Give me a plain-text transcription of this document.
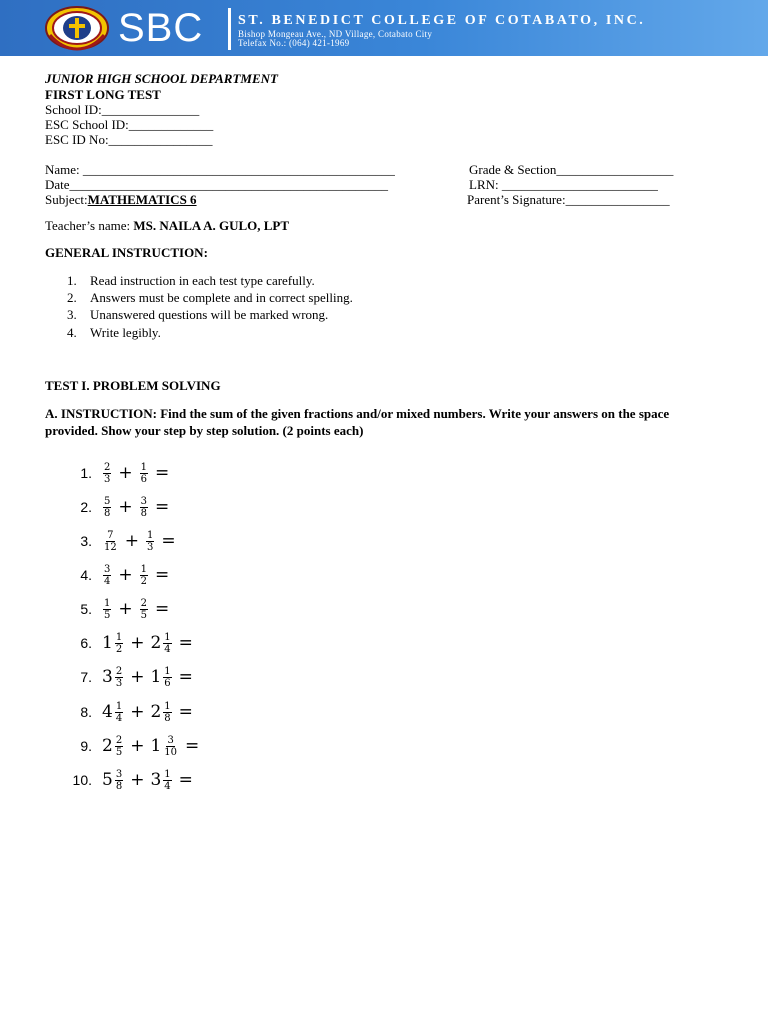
SBC ST. BENEDICT COLLEGE OF COTABATO, INC.
Bishop Mongeau Ave., ND Village, Cotabato City
Telefax No.: (064) 421-1969
JUNIOR HIGH SCHOOL DEPARTMENT
FIRST LONG TEST
School ID:_______________
ESC School ID:_____________
ESC ID No:________________
Name: ________________________________________________	Grade & Section__________________
Date_________________________________________________	LRN: ________________________
Subject:MATHEMATICS 6	Parent’s Signature:________________
Teacher’s name: MS. NAILA A. GULO, LPT
GENERAL INSTRUCTION:
1. Read instruction in each test type carefully.
2. Answers must be complete and in correct spelling.
3. Unanswered questions will be marked wrong.
4. Write legibly.
TEST I. PROBLEM SOLVING
A. INSTRUCTION: Find the sum of the given fractions and/or mixed numbers. Write your answers on the space
provided. Show your step by step solution. (2 points each)
1. $\frac{2}{3} + \frac{1}{6}$ =
2. $\frac{5}{8} + \frac{3}{8}$ =
3. $\frac{7}{12} + \frac{1}{3}$ =
4. $\frac{3}{4} + \frac{1}{2}$ =
5. $\frac{1}{5} + \frac{2}{5}$ =
6. $1 \frac{1}{2} + 2 \frac{1}{4}$ =
7. $3 \frac{2}{3} + 1 \frac{1}{6}$ =
8. $4 \frac{1}{4} + 2 \frac{1}{8}$ =
9. $2 \frac{2}{5} + 1 \frac{3}{10}$ =
10. $5 \frac{3}{8} + 3 \frac{1}{4}$ =
